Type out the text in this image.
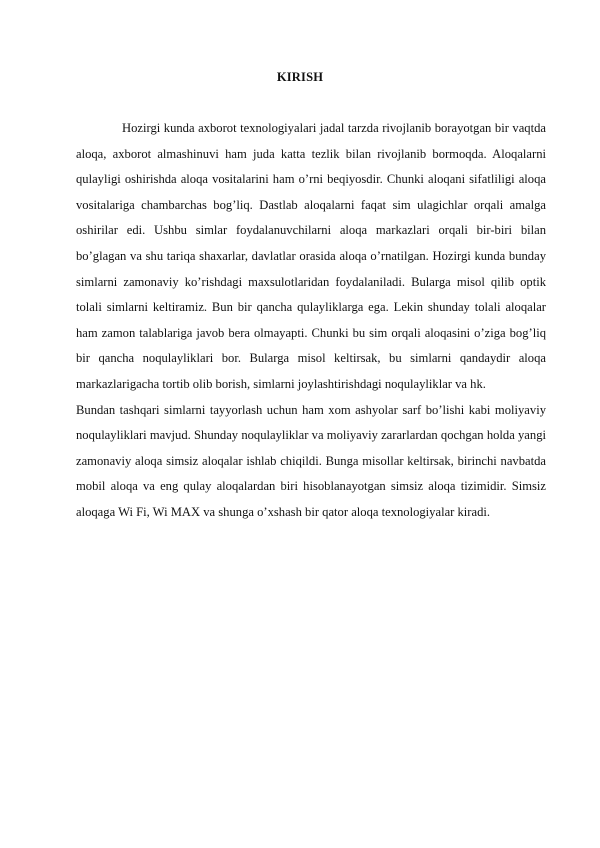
KIRISH

Hozirgi kunda axborot texnologiyalari jadal tarzda rivojlanib borayotgan bir vaqtda aloqa, axborot almashinuvi ham juda katta tezlik bilan rivojlanib bormoqda. Aloqalarni qulayligi oshirishda aloqa vositalarini ham o’rni beqiyosdir. Chunki aloqani sifatliligi aloqa vositalariga chambarchas bog’liq. Dastlab aloqalarni faqat sim ulagichlar orqali amalga oshirilar edi. Ushbu simlar foydalanuvchilarni aloqa markazlari orqali bir-biri bilan bo’glagan va shu tariqa shaxarlar, davlatlar orasida aloqa o’rnatilgan. Hozirgi kunda bunday simlarni zamonaviy ko’rishdagi maxsulotlaridan foydalaniladi. Bularga misol qilib optik tolali simlarni keltiramiz. Bun bir qancha qulayliklarga ega. Lekin shunday tolali aloqalar ham zamon talablariga javob bera olmayapti. Chunki bu sim orqali aloqasini o’ziga bog’liq bir qancha noqulayliklari bor. Bularga misol keltirsak, bu simlarni qandaydir aloqa markazlarigacha tortib olib borish, simlarni joylashtirishdagi noqulayliklar va hk.

Bundan tashqari simlarni tayyorlash uchun ham xom ashyolar sarf bo’lishi kabi moliyaviy noqulayliklari mavjud. Shunday noqulayliklar va moliyaviy zararlardan qochgan holda yangi zamonaviy aloqa simsiz aloqalar ishlab chiqildi. Bunga misollar keltirsak, birinchi navbatda mobil aloqa va eng qulay aloqalardan biri hisoblanayotgan simsiz aloqa tizimidir. Simsiz aloqaga Wi Fi, Wi MAX va shunga o’xshash bir qator aloqa texnologiyalar kiradi.
